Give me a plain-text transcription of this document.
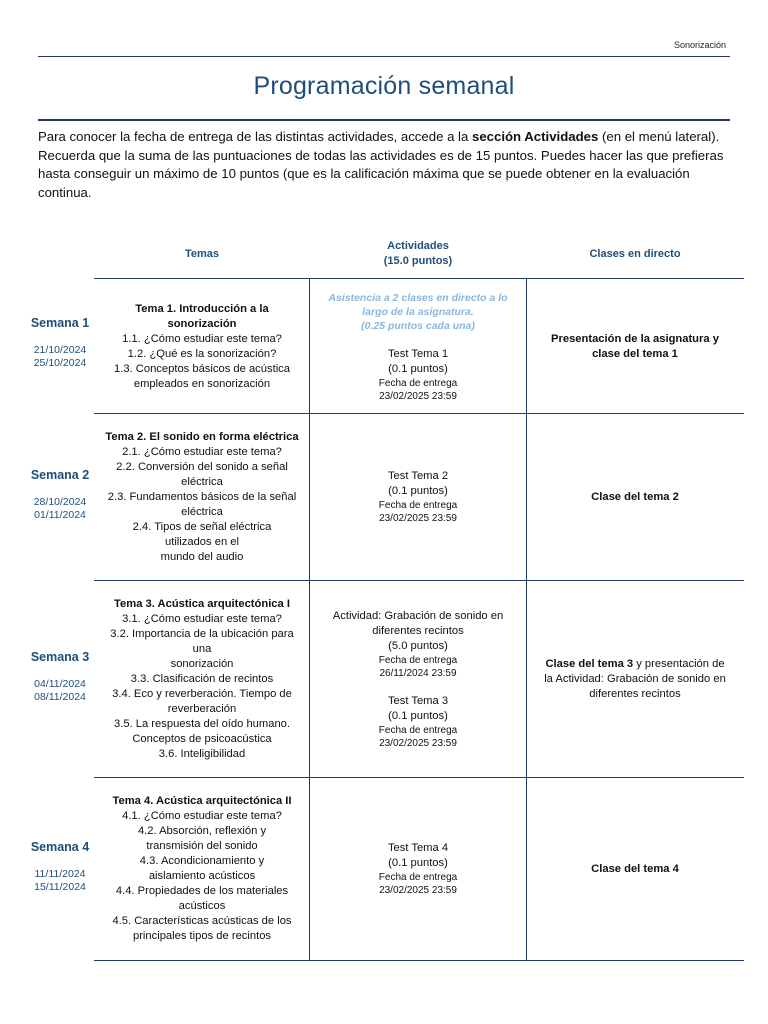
Sonorización
Programación semanal
Para conocer la fecha de entrega de las distintas actividades, accede a la sección Actividades (en el menú lateral). Recuerda que la suma de las puntuaciones de todas las actividades es de 15 puntos. Puedes hacer las que prefieras hasta conseguir un máximo de 10 puntos (que es la calificación máxima que se puede obtener en la evaluación continua.
Temas
Actividades
(15.0 puntos)
Clases en directo
Semana 1
21/10/2024
25/10/2024
Tema 1. Introducción a la
sonorización
1.1. ¿Cómo estudiar este tema?
1.2. ¿Qué es la sonorización?
1.3. Conceptos básicos de acústica
empleados en sonorización
Asistencia a 2 clases en directo a lo
largo de la asignatura.
(0.25 puntos cada una)
Test Tema 1
(0.1 puntos)
Fecha de entrega
23/02/2025 23:59
Presentación de la asignatura y
clase del tema 1
Semana 2
28/10/2024
01/11/2024
Tema 2. El sonido en forma eléctrica
2.1. ¿Cómo estudiar este tema?
2.2. Conversión del sonido a señal
eléctrica
2.3. Fundamentos básicos de la señal
eléctrica
2.4. Tipos de señal eléctrica
utilizados en el
mundo del audio
Test Tema 2
(0.1 puntos)
Fecha de entrega
23/02/2025 23:59
Clase del tema 2
Semana 3
04/11/2024
08/11/2024
Tema 3. Acústica arquitectónica I
3.1. ¿Cómo estudiar este tema?
3.2. Importancia de la ubicación para
una
sonorización
3.3. Clasificación de recintos
3.4. Eco y reverberación. Tiempo de
reverberación
3.5. La respuesta del oído humano.
Conceptos de psicoacústica
3.6. Inteligibilidad
Actividad: Grabación de sonido en
diferentes recintos
(5.0 puntos)
Fecha de entrega
26/11/2024 23:59
Test Tema 3
(0.1 puntos)
Fecha de entrega
23/02/2025 23:59
Clase del tema 3 y presentación de
la Actividad: Grabación de sonido en
diferentes recintos
Semana 4
11/11/2024
15/11/2024
Tema 4. Acústica arquitectónica II
4.1. ¿Cómo estudiar este tema?
4.2. Absorción, reflexión y
transmisión del sonido
4.3. Acondicionamiento y
aislamiento acústicos
4.4. Propiedades de los materiales
acústicos
4.5. Características acústicas de los
principales tipos de recintos
Test Tema 4
(0.1 puntos)
Fecha de entrega
23/02/2025 23:59
Clase del tema 4
